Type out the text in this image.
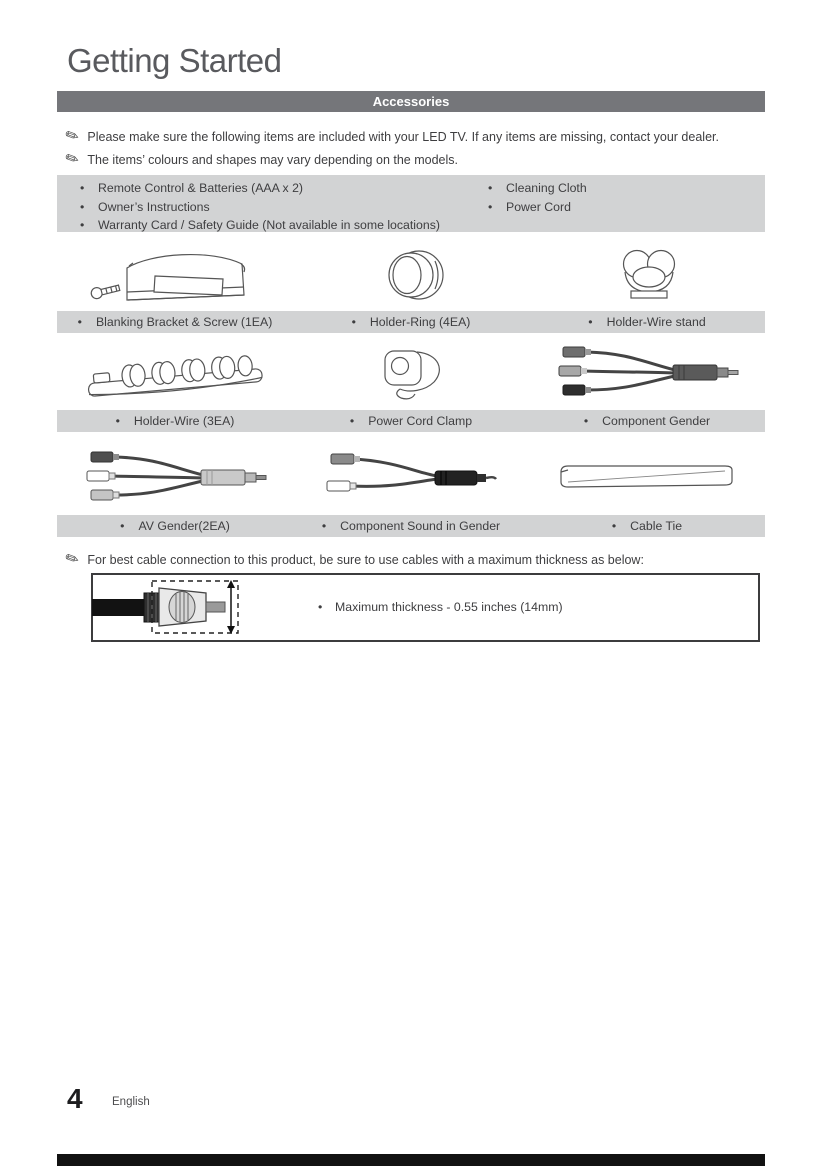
Getting Started
Accessories
✎ Please make sure the following items are included with your LED TV. If any items are missing, contact your dealer.
✎ The items’ colours and shapes may vary depending on the models.
• Remote Control & Batteries (AAA x 2)
• Owner’s Instructions
• Warranty Card / Safety Guide (Not available in some locations)
• Cleaning Cloth
• Power Cord
• Blanking Bracket & Screw (1EA)	• Holder-Ring (4EA)	• Holder-Wire stand
• Holder-Wire (3EA)	• Power Cord Clamp	• Component Gender
• AV Gender(2EA)	• Component Sound in Gender	• Cable Tie
✎ For best cable connection to this product, be sure to use cables with a maximum thickness as below:
• Maximum thickness - 0.55 inches (14mm)
4	English
